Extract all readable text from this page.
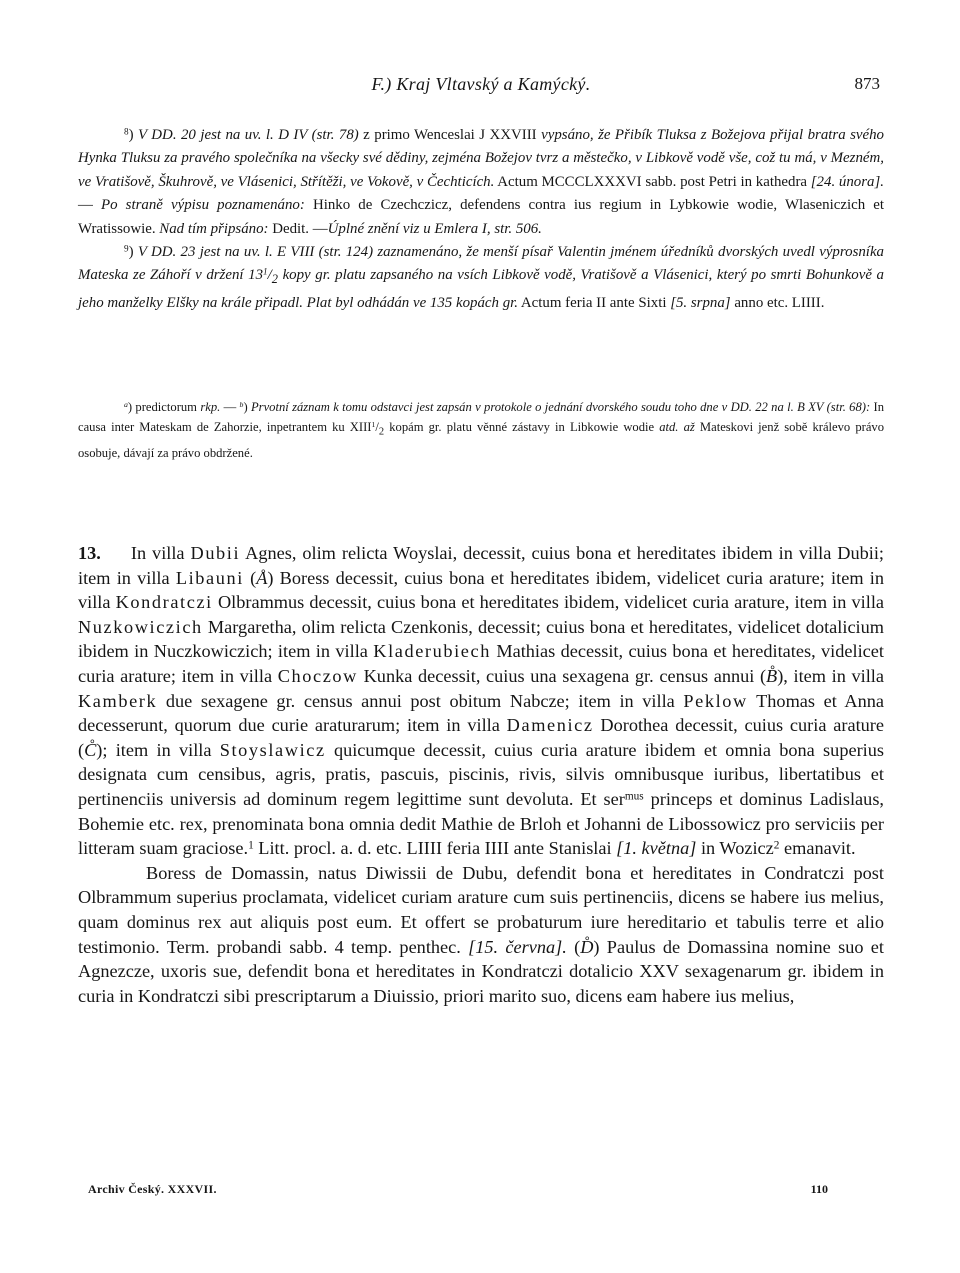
F.) Kraj Vltavský a Kamýcký.	873

$^8$) V DD. 20 jest na uv. l. D IV (str. 78) z primo Wenceslai J XXVIII vypsáno, že Přibík Tluksa z Božejova přijal bratra svého Hynka Tluksu za pravého společníka na všecky své dědiny, zejména Božejov tvrz a městečko, v Libkově vodě vše, což tu má, v Mezném, ve Vratišově, Škuhrově, ve Vlásenici, Střítěži, ve Vokově, v Čechticích. Actum MCCCLXXXVI sabb. post Petri in kathedra [24. února]. — Po straně výpisu poznamenáno: Hinko de Czechczicz, defendens contra ius regium in Lybkowie wodie, Wlaseniczich et Wratissowie. Nad tím připsáno: Dedit. —Úplné znění viz u Emlera I, str. 506.

$^9$) V DD. 23 jest na uv. l. E VIII (str. 124) zaznamenáno, že menší písař Valentin jménem úředníků dvorských uvedl výprosníka Mateska ze Záhoří v držení $13^1/_2$ kopy gr. platu zapsaného na vsích Libkově vodě, Vratišově a Vlásenici, který po smrti Bohunkově a jeho manželky Elšky na krále připadl. Plat byl odhádán ve 135 kopách gr. Actum feria II ante Sixti [5. srpna] anno etc. LIIII.

$^a$) predictorum rkp. — $^b$) Prvotní záznam k tomu odstavci jest zapsán v protokole o jednání dvorského soudu toho dne v DD. 22 na l. B XV (str. 68): In causa inter Mateskam de Zahorzie, inpetrantem ku $XIII^1/_2$ kopám gr. platu věnné zástavy in Libkowie wodie atd. až Mateskovi jenž sobě králevo právo osobuje, dávají za právo obdržené.

13. In villa Dubii Agnes, olim relicta Woyslai, decessit, cuius bona et hereditates ibidem in villa Dubii; item in villa Libauni (Å) Boress decessit, cuius bona et hereditates ibidem, videlicet curia arature; item in villa Kondratczi Olbrammus decessit, cuius bona et hereditates ibidem, videlicet curia arature, item in villa Nuzkowiczich Margaretha, olim relicta Czenkonis, decessit; cuius bona et hereditates, videlicet dotalicium ibidem in Nuczkowiczich; item in villa Kladerubiech Mathias decessit, cuius bona et hereditates, videlicet curia arature; item in villa Choczow Kunka decessit, cuius una sexagena gr. census annui (B̊), item in villa Kamberk due sexagene gr. census annui post obitum Nabcze; item in villa Peklow Thomas et Anna decesserunt, quorum due curie araturarum; item in villa Damenicz Dorothea decessit, cuius curia arature (C̊); item in villa Stoyslawicz quicumque decessit, cuius curia arature ibidem et omnia bona superius designata cum censibus, agris, pratis, pascuis, piscinis, rivis, silvis omnibusque iuribus, libertatibus et pertinenciis universis ad dominum regem legittime sunt devoluta. Et ser$^{mus}$ princeps et dominus Ladislaus, Bohemie etc. rex, prenominata bona omnia dedit Mathie de Brloh et Johanni de Libossowicz pro serviciis per litteram suam graciose.$^1$ Litt. procl. a. d. etc. LIIII feria IIII ante Stanislai [1. května] in Wozicz$^2$ emanavit.

Boress de Domassin, natus Diwissii de Dubu, defendit bona et hereditates in Condratczi post Olbrammum superius proclamata, videlicet curiam arature cum suis pertinenciis, dicens se habere ius melius, quam dominus rex aut aliquis post eum. Et offert se probaturum iure hereditario et tabulis terre et alio testimonio. Term. probandi sabb. 4 temp. penthec. [15. června]. (D̊) Paulus de Domassina nomine suo et Agnezcze, uxoris sue, defendit bona et hereditates in Kondratczi dotalicio XXV sexagenarum gr. ibidem in curia in Kondratczi sibi prescriptarum a Diuissio, priori marito suo, dicens eam habere ius melius,

Archiv Český. XXXVII.	110
